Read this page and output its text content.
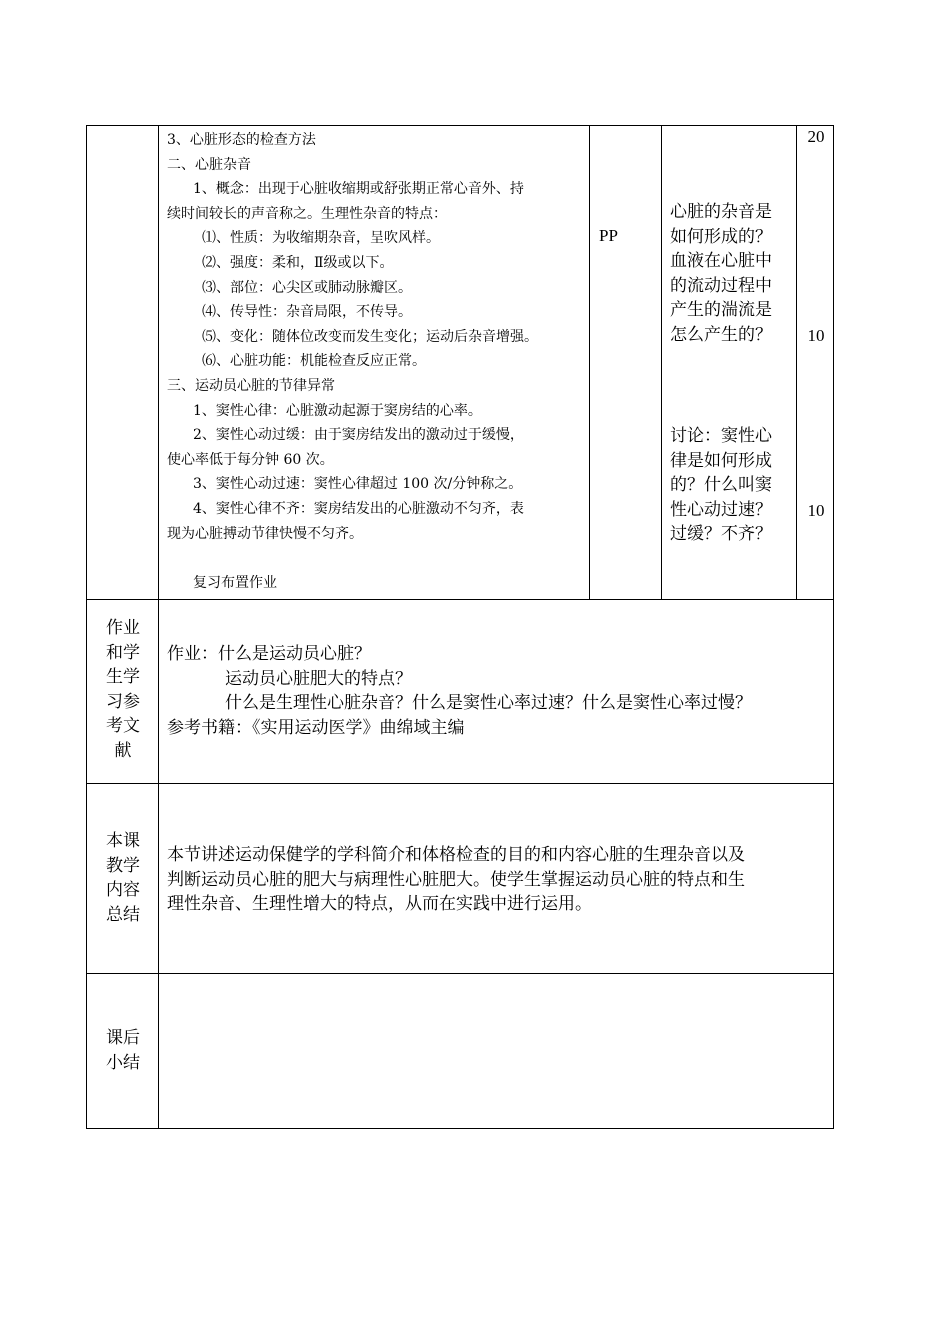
3、心脏形态的检查方法
二、心脏杂音
1、概念：出现于心脏收缩期或舒张期正常心音外、持
续时间较长的声音称之。生理性杂音的特点：
⑴、性质：为收缩期杂音，呈吹风样。
⑵、强度：柔和，Ⅱ级或以下。
⑶、部位：心尖区或肺动脉瓣区。
⑷、传导性：杂音局限，不传导。
⑸、变化：随体位改变而发生变化；运动后杂音增强。
⑹、心脏功能：机能检查反应正常。
三、运动员心脏的节律异常
1、窦性心律：心脏激动起源于窦房结的心率。
2、窦性心动过缓：由于窦房结发出的激动过于缓慢，
使心率低于每分钟 60 次。
3、窦性心动过速：窦性心律超过 100 次/分钟称之。
4、窦性心律不齐：窦房结发出的心脏激动不匀齐，表
现为心脏搏动节律快慢不匀齐。

复习布置作业
PP
心脏的杂音是
如何形成的？
血液在心脏中
的流动过程中
产生的湍流是
怎么产生的？
讨论：窦性心
律是如何形成
的？什么叫窦
性心动过速？
过缓？不齐？
20
10
10
作业
和学
生学
习参
考文
献
作业：什么是运动员心脏？
运动员心脏肥大的特点？
什么是生理性心脏杂音？什么是窦性心率过速？什么是窦性心率过慢？
参考书籍：《实用运动医学》曲绵域主编
本课
教学
内容
总结
本节讲述运动保健学的学科简介和体格检查的目的和内容心脏的生理杂音以及
判断运动员心脏的肥大与病理性心脏肥大。使学生掌握运动员心脏的特点和生
理性杂音、生理性增大的特点，从而在实践中进行运用。
课后
小结
